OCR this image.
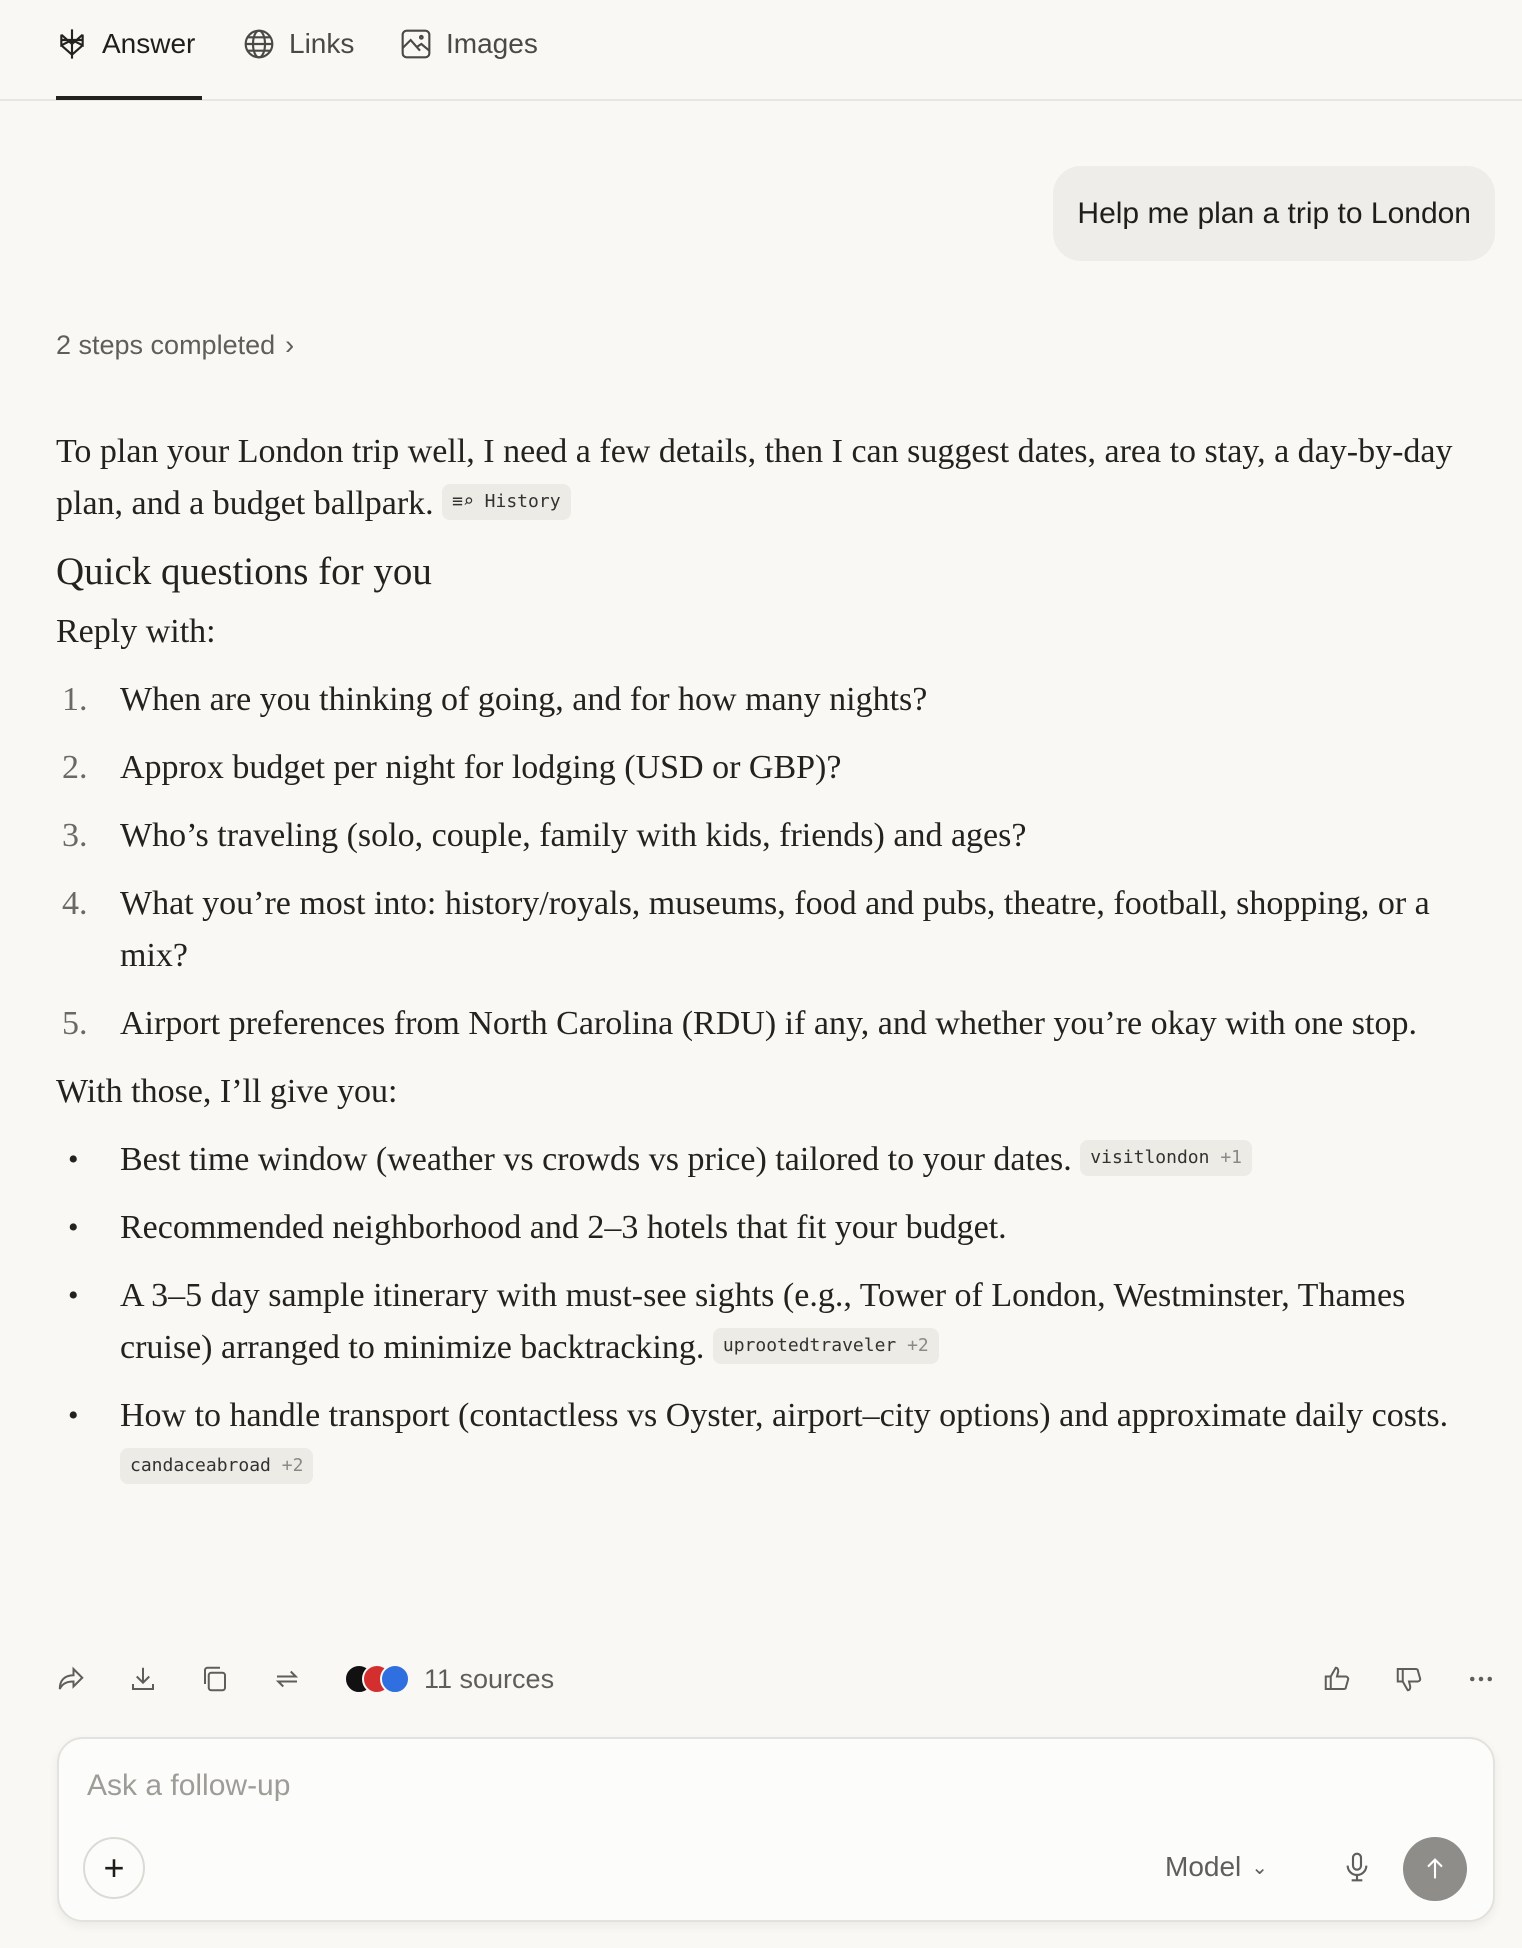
Answer	Links	Images
Help me plan a trip to London
2 steps completed ›

To plan your London trip well, I need a few details, then I can suggest dates, area to stay, a day-by-day plan, and a budget ballpark. ≡⌕ History

Quick questions for you

Reply with:

1. When are you thinking of going, and for how many nights?
2. Approx budget per night for lodging (USD or GBP)?
3. Who’s traveling (solo, couple, family with kids, friends) and ages?
4. What you’re most into: history/royals, museums, food and pubs, theatre, football, shopping, or a mix?
5. Airport preferences from North Carolina (RDU) if any, and whether you’re okay with one stop.

With those, I’ll give you:

•	Best time window (weather vs crowds vs price) tailored to your dates. visitlondon +1
•	Recommended neighborhood and 2–3 hotels that fit your budget.
•	A 3–5 day sample itinerary with must-see sights (e.g., Tower of London, Westminster, Thames cruise) arranged to minimize backtracking. uprootedtraveler +2
•	How to handle transport (contactless vs Oyster, airport–city options) and approximate daily costs. candaceabroad +2
11 sources
Ask a follow-up
+	Model ⌄
